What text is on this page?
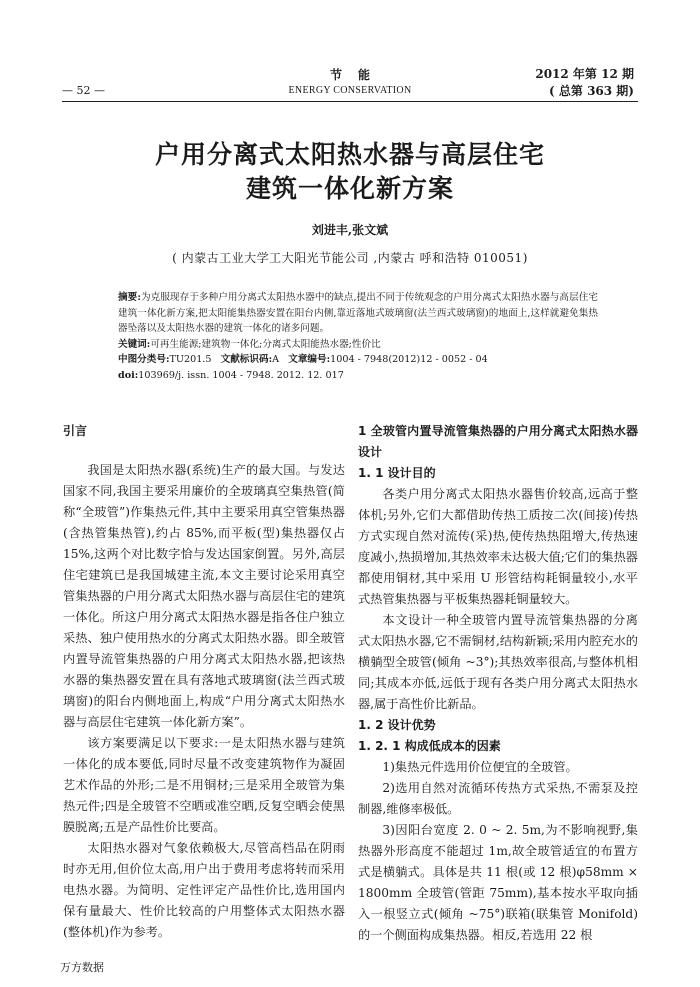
— 52 —
节能
ENERGY CONSERVATION
2012 年第 12 期
( 总第 363 期)
户用分离式太阳热水器与高层住宅
建筑一体化新方案
刘进丰,张文斌
( 内蒙古工业大学工大阳光节能公司 ,内蒙古 呼和浩特 010051)

摘要:为克服现存于多种户用分离式太阳热水器中的缺点,提出不同于传统观念的户用分离式太阳热水器与高层住宅建筑一体化新方案,把太阳能集热器安置在阳台内侧,靠近落地式玻璃窗(法兰西式玻璃窗)的地面上,这样就避免集热器坠落以及太阳热水器的建筑一体化的诸多问题。

关键词:可再生能源;建筑物一体化;分离式太阳能热水器;性价比

中图分类号:TU201.5 文献标识码:A 文章编号:1004 - 7948(2012)12 - 0052 - 04

doi:103969/j. issn. 1004 - 7948. 2012. 12. 017

引言

我国是太阳热水器(系统)生产的最大国。与发达国家不同,我国主要采用廉价的全玻璃真空集热管(简称“全玻管”)作集热元件,其中主要采用真空管集热器(含热管集热管),约占 85%,而平板(型)集热器仅占 15%,这两个对比数字恰与发达国家倒置。另外,高层住宅建筑已是我国城建主流,本文主要讨论采用真空管集热器的户用分离式太阳热水器与高层住宅的建筑一体化。所这户用分离式太阳热水器是指各住户独立采热、独户使用热水的分离式太阳热水器。即全玻管内置导流管集热器的户用分离式太阳热水器,把该热水器的集热器安置在具有落地式玻璃窗(法兰西式玻璃窗)的阳台内侧地面上,构成“户用分离式太阳热水器与高层住宅建筑一体化新方案”。

该方案要满足以下要求:一是太阳热水器与建筑一体化的成本要低,同时尽量不改变建筑物作为凝固艺术作品的外形;二是不用铜材;三是采用全玻管为集热元件;四是全玻管不空晒或准空晒,反复空晒会使黑膜脱离;五是产品性价比要高。

太阳热水器对气象依赖极大,尽管高档品在阴雨时亦无用,但价位太高,用户出于费用考虑将转而采用电热水器。为简明、定性评定产品性价比,选用国内保有量最大、性价比较高的户用整体式太阳热水器(整体机)作为参考。

1 全玻管内置导流管集热器的户用分离式太阳热水器设计

1. 1 设计目的

各类户用分离式太阳热水器售价较高,远高于整体机;另外,它们大都借助传热工质按二次(间接)传热方式实现自然对流传(采)热,使传热热阻增大,传热速度减小,热损增加,其热效率未达极大值;它们的集热器都使用铜材,其中采用 U 形管结构耗铜量较小,水平式热管集热器与平板集热器耗铜量较大。

本文设计一种全玻管内置导流管集热器的分离式太阳热水器,它不需铜材,结构新颖;采用内腔充水的横躺型全玻管(倾角 ~3°);其热效率很高,与整体机相同;其成本亦低,远低于现有各类户用分离式太阳热水器,属于高性价比新品。

1. 2 设计优势

1. 2. 1 构成低成本的因素

1)集热元件选用价位便宜的全玻管。

2)选用自然对流循环传热方式采热,不需泵及控制器,维修率极低。

3)因阳台宽度 2. 0 ~ 2. 5m,为不影响视野,集热器外形高度不能超过 1m,故全玻管适宜的布置方式是横躺式。具体是共 11 根(或 12 根)φ58mm × 1800mm 全玻管(管距 75mm),基本按水平取向插入一根竖立式(倾角 ~75°)联箱(联集管 Monifold)的一个侧面构成集热器。相反,若选用 22 根

万方数据
